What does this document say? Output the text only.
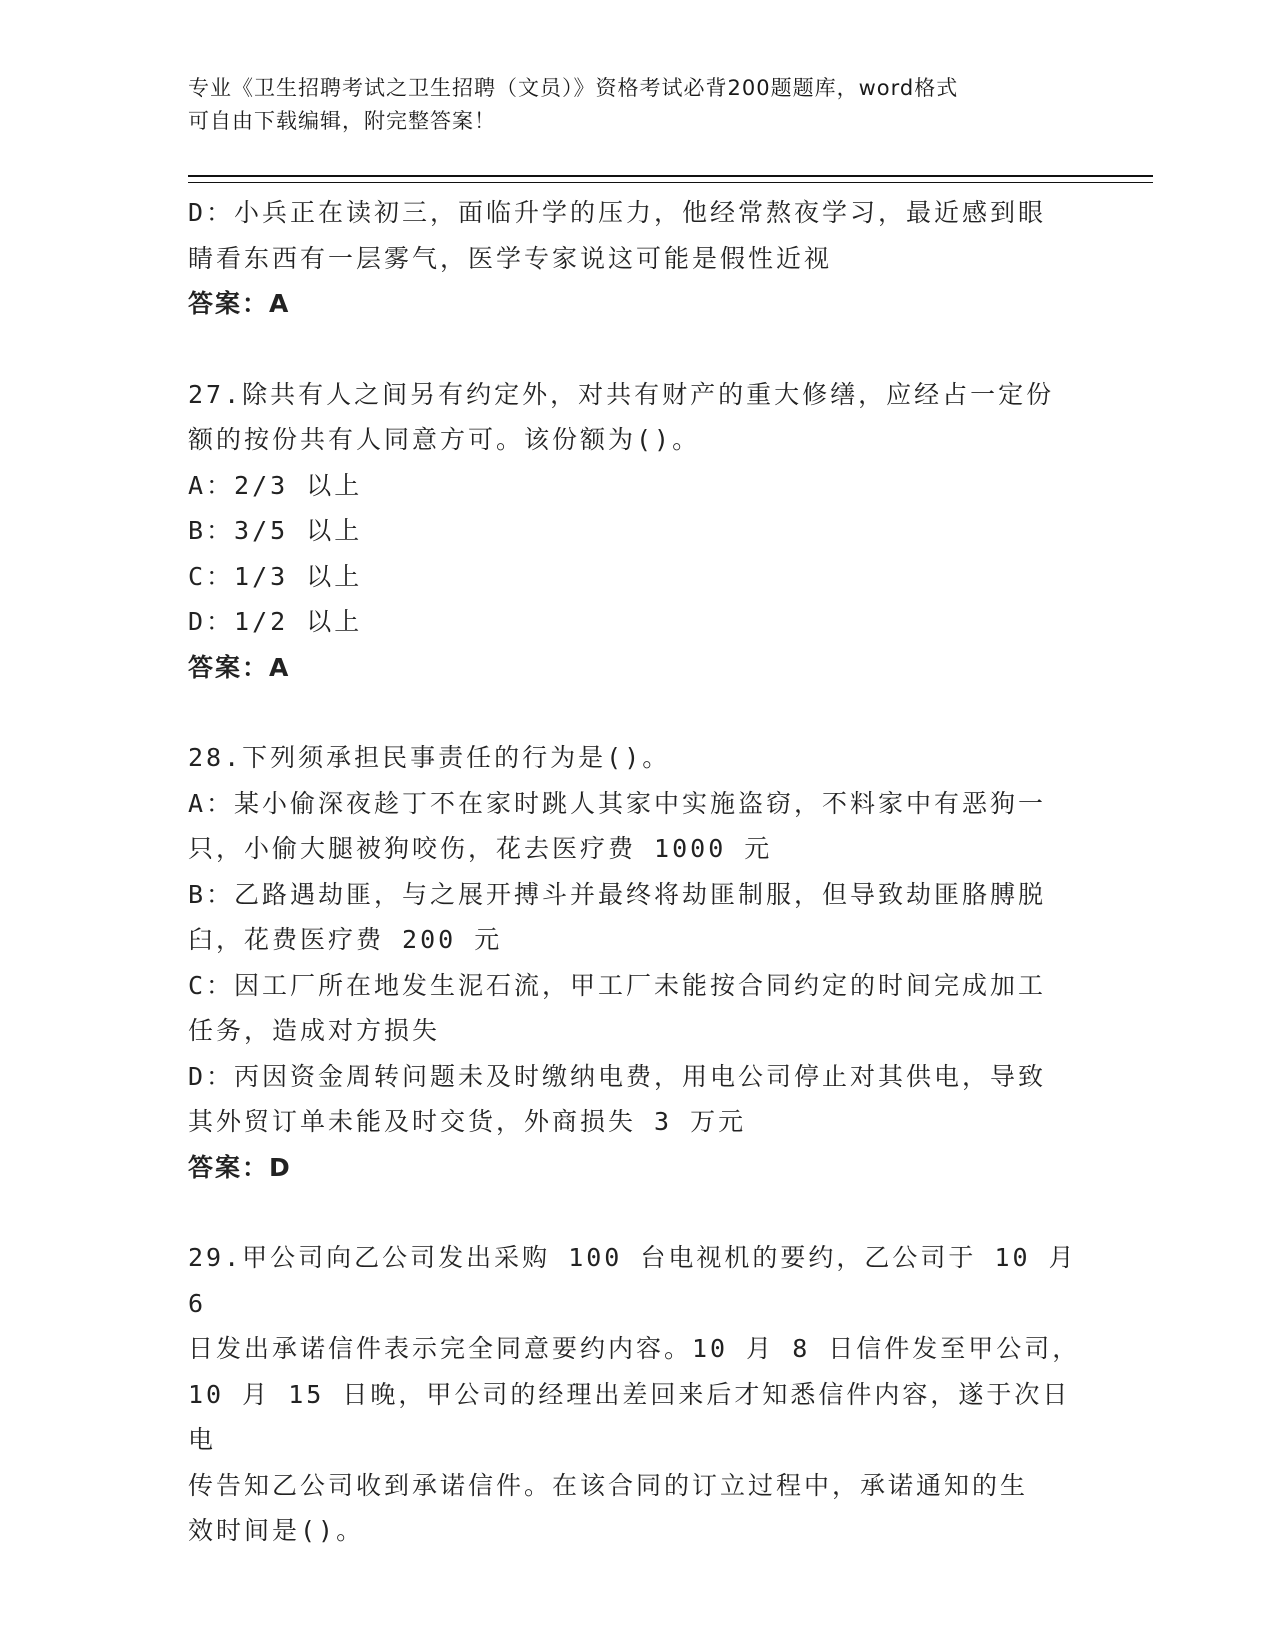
专业《卫生招聘考试之卫生招聘（文员）》资格考试必背200题题库，word格式
可自由下载编辑，附完整答案！

D：小兵正在读初三，面临升学的压力，他经常熬夜学习，最近感到眼

睛看东西有一层雾气，医学专家说这可能是假性近视

答案：A

27.除共有人之间另有约定外，对共有财产的重大修缮，应经占一定份

额的按份共有人同意方可。该份额为()。

A：2/3 以上

B：3/5 以上

C：1/3 以上

D：1/2 以上

答案：A

28.下列须承担民事责任的行为是()。

A：某小偷深夜趁丁不在家时跳人其家中实施盗窃，不料家中有恶狗一

只，小偷大腿被狗咬伤，花去医疗费 1000 元

B：乙路遇劫匪，与之展开搏斗并最终将劫匪制服，但导致劫匪胳膊脱

臼，花费医疗费 200 元

C：因工厂所在地发生泥石流，甲工厂未能按合同约定的时间完成加工

任务，造成对方损失

D：丙因资金周转问题未及时缴纳电费，用电公司停止对其供电，导致

其外贸订单未能及时交货，外商损失 3 万元

答案：D

29.甲公司向乙公司发出采购 100 台电视机的要约，乙公司于 10 月 6

日发出承诺信件表示完全同意要约内容。10 月 8 日信件发至甲公司，

10 月 15 日晚，甲公司的经理出差回来后才知悉信件内容，遂于次日电

传告知乙公司收到承诺信件。在该合同的订立过程中，承诺通知的生

效时间是()。
